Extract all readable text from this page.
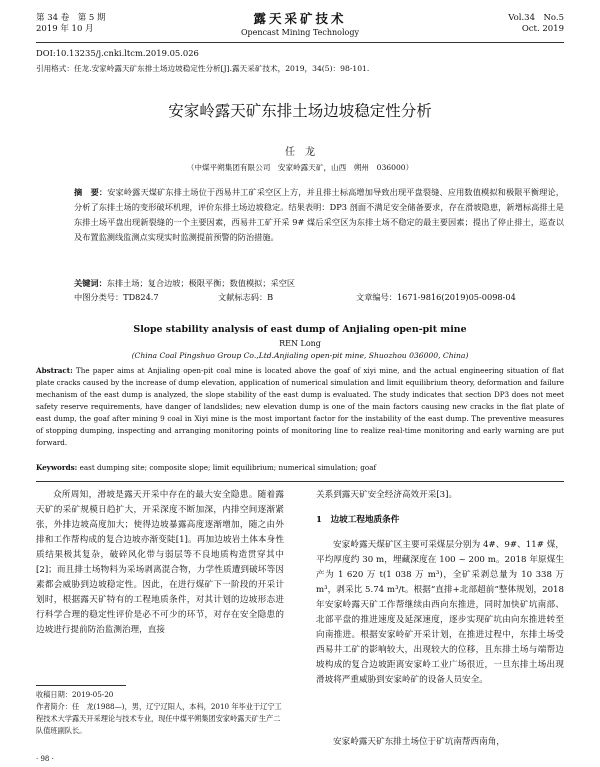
第 34 卷　第 5 期
2019 年 10 月
露天采矿技术
Opencast Mining Technology
Vol.34　No.5
Oct. 2019
DOI:10.13235/j.cnki.ltcm.2019.05.026
引用格式：任龙.安家岭露天矿东排土场边坡稳定性分析[J].露天采矿技术，2019，34(5)：98-101.
安家岭露天矿东排土场边坡稳定性分析
任　龙
（中煤平朔集团有限公司　安家岭露天矿，山西　朔州　036000）
摘　要：安家岭露天煤矿东排土场位于西易井工矿采空区上方，并且排土标高增加导致出现平盘裂缝、应用数值模拟和极限平衡理论，分析了东排土场的变形破坏机理，评价东排土场边坡稳定。结果表明：DP3 剖面不满足安全储备要求，存在滑坡隐患，新增标高排土是东排土场平盘出现新裂缝的一个主要因素，西易井工矿开采 9# 煤后采空区为东排土场不稳定的最主要因素；提出了停止排土，巡查以及布置监测线监测点实现实时监测提前预警的防治措施。
关键词：东排土场；复合边坡；极限平衡；数值模拟；采空区
中图分类号：TD824.7	文献标志码：B	文章编号：1671-9816(2019)05-0098-04
Slope stability analysis of east dump of Anjialing open-pit mine
REN Long
(China Coal Pingshuo Group Co.,Ltd.Anjialing open-pit mine, Shuozhou 036000, China)
Abstract: The paper aims at Anjialing open-pit coal mine is located above the goaf of xiyi mine, and the actual engineering situation of flat plate cracks caused by the increase of dump elevation, application of numerical simulation and limit equilibrium theory, deformation and failure mechanism of the east dump is analyzed, the slope stability of the east dump is evaluated. The study indicates that section DP3 does not meet safety reserve requirements, have danger of landslides; new elevation dump is one of the main factors causing new cracks in the flat plate of east dump, the goaf after mining 9 coal in Xiyi mine is the most important factor for the instability of the east dump. The preventive measures of stopping dumping, inspecting and arranging monitoring points of monitoring line to realize real-time monitoring and early warning are put forward.
Keywords: east dumping site; composite slope; limit equilibrium; numerical simulation; goaf
众所周知，滑坡是露天开采中存在的最大安全隐患。随着露天矿的采矿规模日趋扩大，开采深度不断加深，内排空间逐渐紧张，外排边坡高度加大；使得边坡暴露高度逐渐增加，随之由外排和工作帮构成的复合边坡亦渐变陡[1]。再加边坡岩土体本身性质结果极其复杂，破碎风化带与弱层等不良地质构造贯穿其中[2]；而且排土场物料为采场剥离混合物，力学性质遭到破坏等因素都会威胁到边坡稳定性。因此，在进行煤矿下一阶段的开采计划时，根据露天矿特有的工程地质条件，对其计划的边坡形态进行科学合理的稳定性评价是必不可少的环节，对存在安全隐患的边坡进行提前防治监测治理，直接
收稿日期：2019-05-20
作者简介：任　龙(1988—)，男，辽宁辽阳人，本科，2010 年毕业于辽宁工程技术大学露天开采理论与技术专业，现任中煤平朔集团安家岭露天矿生产二队值班副队长。
· 98 ·
关系到露天矿安全经济高效开采[3]。
1　边坡工程地质条件
安家岭露天煤矿区主要可采煤层分别为 4#、9#、11# 煤，平均厚度约 30 m，埋藏深度在 100 ~ 200 m。2018 年原煤生产为 1 620 万 t(1 038 万 m³)，全矿采剥总量为 10 338 万 m³，剥采比 5.74 m³/t。根据“直排+北部超前”整体规划，2018 年安家岭露天矿工作帮继续由西向东推进，同时加快矿坑南部、北部平盘的推进速度及延深速度，逐步实现矿坑由向东推进转至向南推进。根据安家岭矿开采计划，在推进过程中，东排土场受西易井工矿的影响较大，出现较大的位移，且东排土场与端帮边坡构成的复合边坡距离安家岭工业广场很近，一旦东排土场出现滑坡将严重威胁到安家岭矿的设备人员安全。
安家岭露天矿东排土场位于矿坑南帮西南角，
